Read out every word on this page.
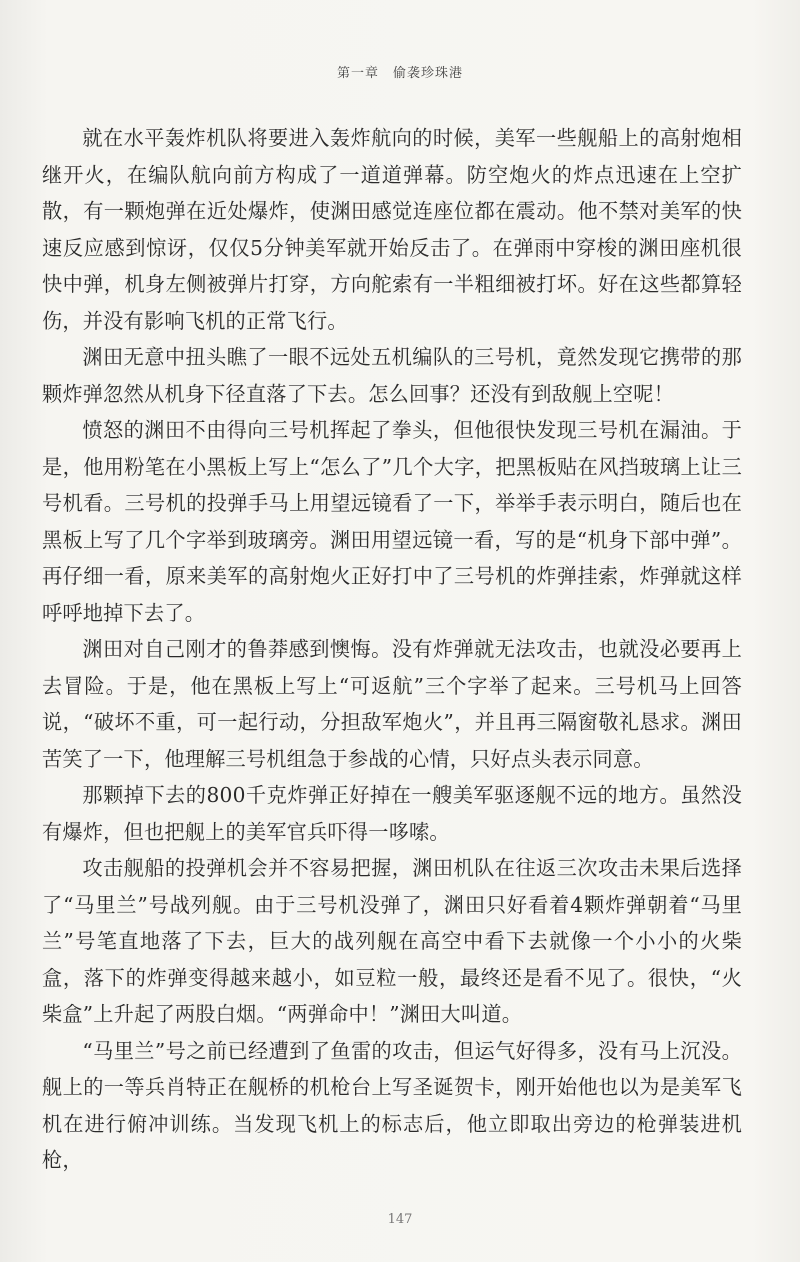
第一章　偷袭珍珠港

就在水平轰炸机队将要进入轰炸航向的时候，美军一些舰船上的高射炮相继开火，在编队航向前方构成了一道道弹幕。防空炮火的炸点迅速在上空扩散，有一颗炮弹在近处爆炸，使渊田感觉连座位都在震动。他不禁对美军的快速反应感到惊讶，仅仅5分钟美军就开始反击了。在弹雨中穿梭的渊田座机很快中弹，机身左侧被弹片打穿，方向舵索有一半粗细被打坏。好在这些都算轻伤，并没有影响飞机的正常飞行。

渊田无意中扭头瞧了一眼不远处五机编队的三号机，竟然发现它携带的那颗炸弹忽然从机身下径直落了下去。怎么回事？还没有到敌舰上空呢！

愤怒的渊田不由得向三号机挥起了拳头，但他很快发现三号机在漏油。于是，他用粉笔在小黑板上写上“怎么了”几个大字，把黑板贴在风挡玻璃上让三号机看。三号机的投弹手马上用望远镜看了一下，举举手表示明白，随后也在黑板上写了几个字举到玻璃旁。渊田用望远镜一看，写的是“机身下部中弹”。再仔细一看，原来美军的高射炮火正好打中了三号机的炸弹挂索，炸弹就这样呼呼地掉下去了。

渊田对自己刚才的鲁莽感到懊悔。没有炸弹就无法攻击，也就没必要再上去冒险。于是，他在黑板上写上“可返航”三个字举了起来。三号机马上回答说，“破坏不重，可一起行动，分担敌军炮火”，并且再三隔窗敬礼恳求。渊田苦笑了一下，他理解三号机组急于参战的心情，只好点头表示同意。

那颗掉下去的800千克炸弹正好掉在一艘美军驱逐舰不远的地方。虽然没有爆炸，但也把舰上的美军官兵吓得一哆嗦。

攻击舰船的投弹机会并不容易把握，渊田机队在往返三次攻击未果后选择了“马里兰”号战列舰。由于三号机没弹了，渊田只好看着4颗炸弹朝着“马里兰”号笔直地落了下去，巨大的战列舰在高空中看下去就像一个小小的火柴盒，落下的炸弹变得越来越小，如豆粒一般，最终还是看不见了。很快，“火柴盒”上升起了两股白烟。“两弹命中！”渊田大叫道。

“马里兰”号之前已经遭到了鱼雷的攻击，但运气好得多，没有马上沉没。舰上的一等兵肖特正在舰桥的机枪台上写圣诞贺卡，刚开始他也以为是美军飞机在进行俯冲训练。当发现飞机上的标志后，他立即取出旁边的枪弹装进机枪，

147
